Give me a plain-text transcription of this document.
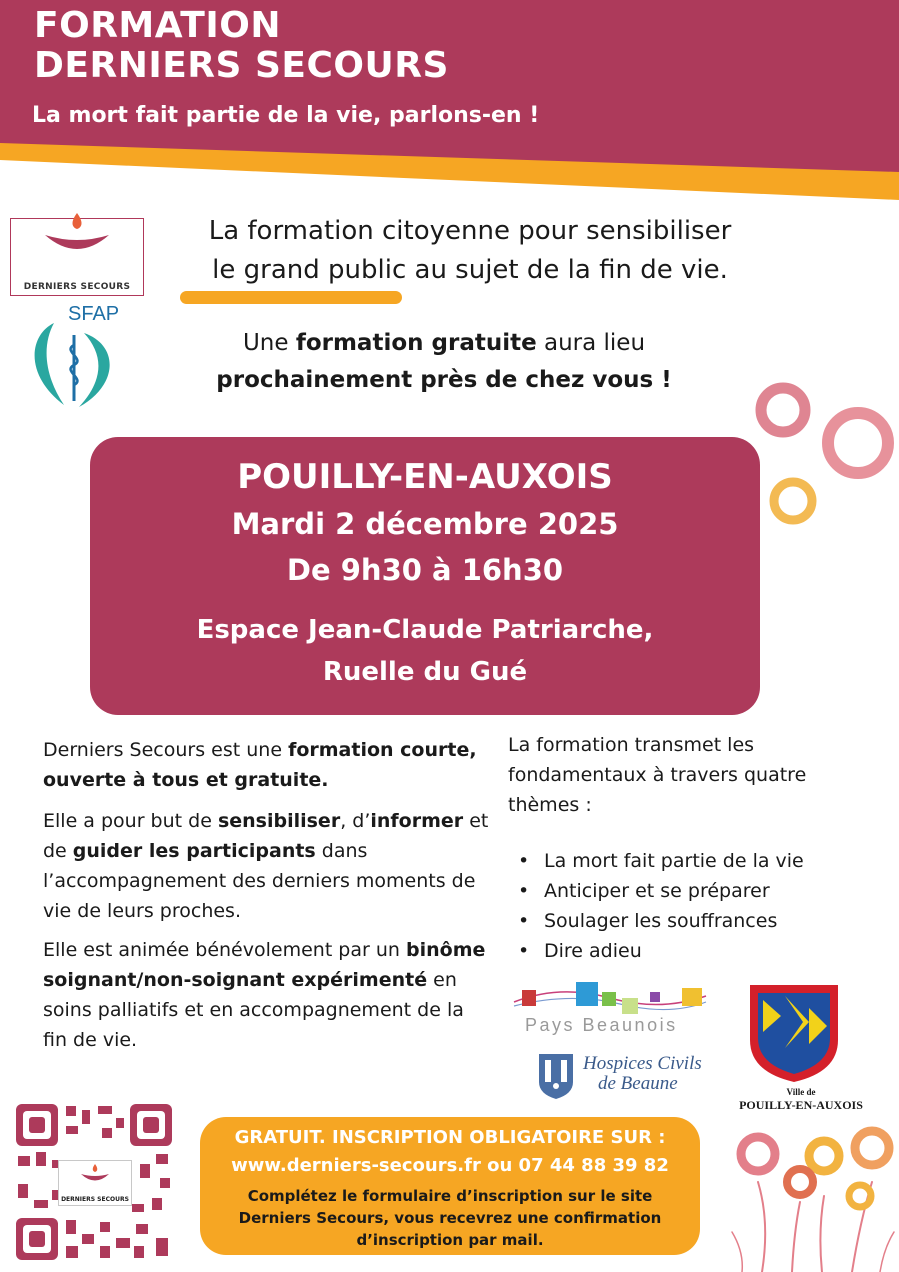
FORMATION
DERNIERS SECOURS
La mort fait partie de la vie, parlons-en !
DERNIERS SECOURS
SFAP
La formation citoyenne pour sensibiliser
le grand public au sujet de la fin de vie.
Une formation gratuite aura lieu
prochainement près de chez vous !
POUILLY-EN-AUXOIS
Mardi 2 décembre 2025
De 9h30 à 16h30
Espace Jean-Claude Patriarche,
Ruelle du Gué
Derniers Secours est une formation courte, ouverte à tous et gratuite.
Elle a pour but de sensibiliser, d’informer et de guider les participants dans l’accompagnement des derniers moments de vie de leurs proches.
Elle est animée bénévolement par un binôme soignant/non-soignant expérimenté en soins palliatifs et en accompagnement de la fin de vie.
La formation transmet les fondamentaux à travers quatre thèmes :
• La mort fait partie de la vie
• Anticiper et se préparer
• Soulager les souffrances
• Dire adieu
Pays Beaunois
Hospices Civils
de Beaune	Ville de
POUILLY-EN-AUXOIS
DERNIERS SECOURS
GRATUIT. INSCRIPTION OBLIGATOIRE SUR :
www.derniers-secours.fr ou 07 44 88 39 82
Complétez le formulaire d’inscription sur le site Derniers Secours, vous recevrez une confirmation d’inscription par mail.
